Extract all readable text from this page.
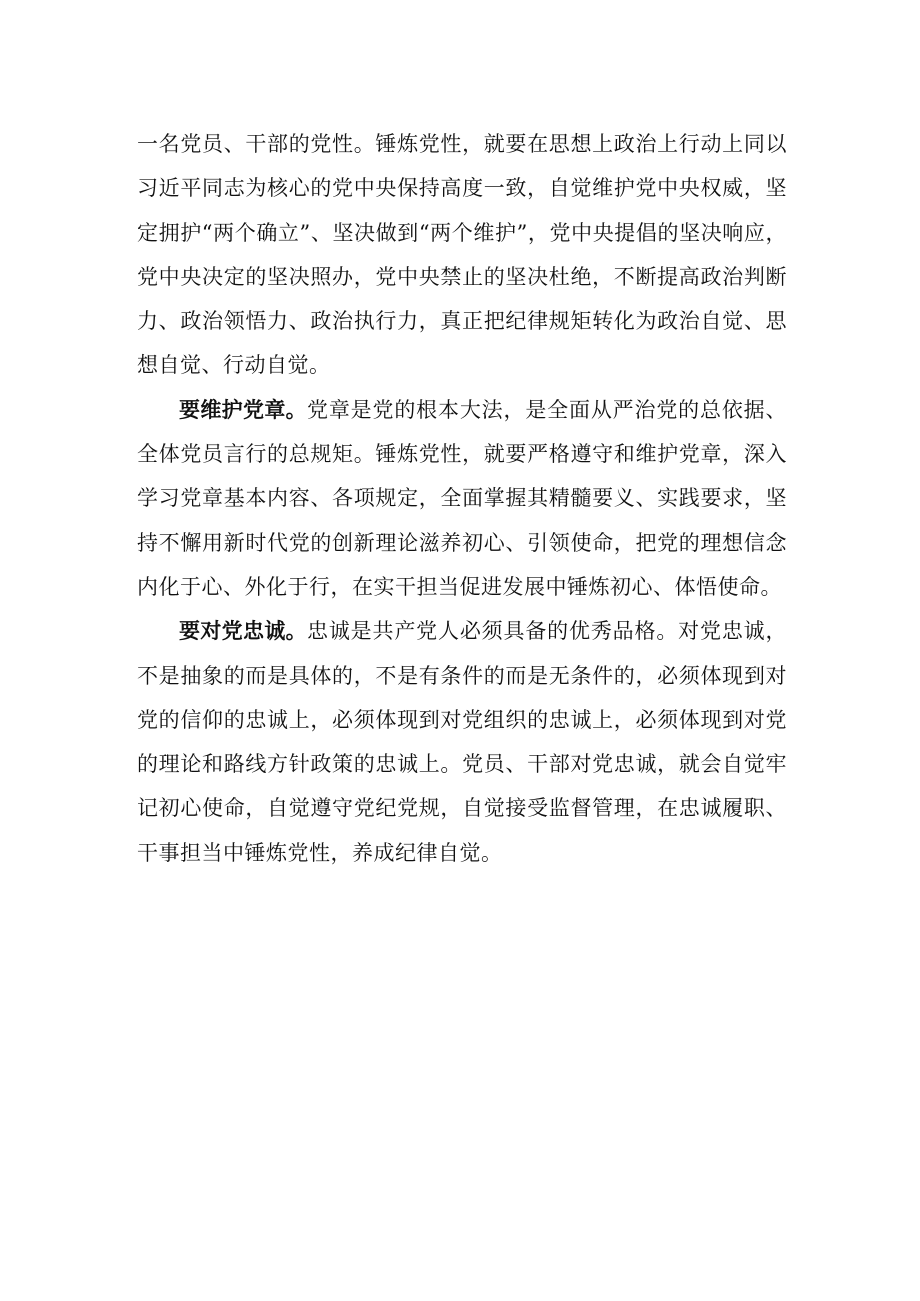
一名党员、干部的党性。锤炼党性，就要在思想上政治上行动上同以习近平同志为核心的党中央保持高度一致，自觉维护党中央权威，坚定拥护“两个确立”、坚决做到“两个维护”，党中央提倡的坚决响应，党中央决定的坚决照办，党中央禁止的坚决杜绝，不断提高政治判断力、政治领悟力、政治执行力，真正把纪律规矩转化为政治自觉、思想自觉、行动自觉。

要维护党章。党章是党的根本大法，是全面从严治党的总依据、全体党员言行的总规矩。锤炼党性，就要严格遵守和维护党章，深入学习党章基本内容、各项规定，全面掌握其精髓要义、实践要求，坚持不懈用新时代党的创新理论滋养初心、引领使命，把党的理想信念内化于心、外化于行，在实干担当促进发展中锤炼初心、体悟使命。

要对党忠诚。忠诚是共产党人必须具备的优秀品格。对党忠诚，不是抽象的而是具体的，不是有条件的而是无条件的，必须体现到对党的信仰的忠诚上，必须体现到对党组织的忠诚上，必须体现到对党的理论和路线方针政策的忠诚上。党员、干部对党忠诚，就会自觉牢记初心使命，自觉遵守党纪党规，自觉接受监督管理，在忠诚履职、干事担当中锤炼党性，养成纪律自觉。
